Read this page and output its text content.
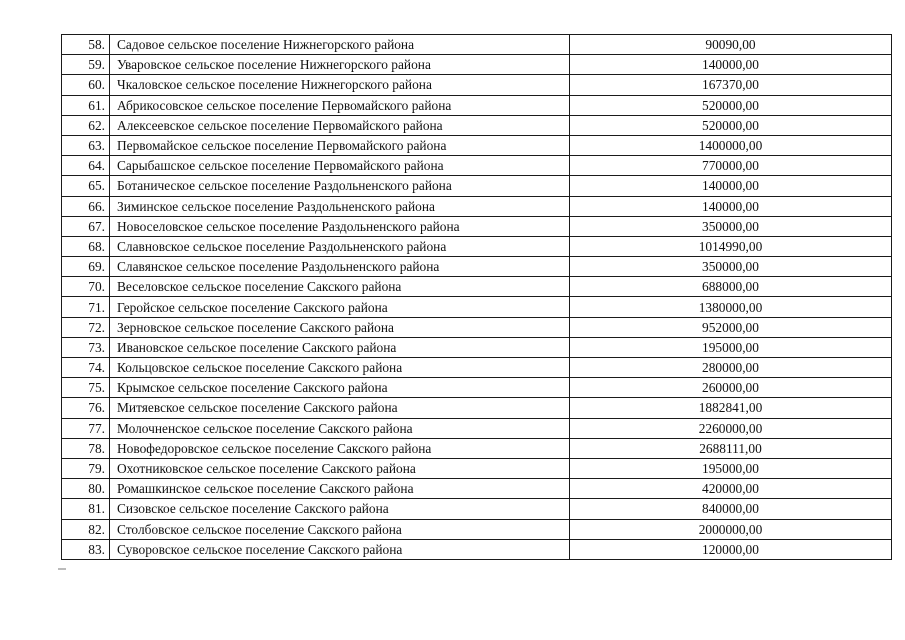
58.	Садовое сельское поселение Нижнегорского района	90090,00
59.	Уваровское сельское поселение Нижнегорского района	140000,00
60.	Чкаловское сельское поселение Нижнегорского района	167370,00
61.	Абрикосовское сельское поселение Первомайского района	520000,00
62.	Алексеевское сельское поселение Первомайского района	520000,00
63.	Первомайское сельское поселение Первомайского района	1400000,00
64.	Сарыбашское сельское поселение Первомайского района	770000,00
65.	Ботаническое сельское поселение Раздольненского района	140000,00
66.	Зиминское сельское поселение Раздольненского района	140000,00
67.	Новоселовское сельское поселение Раздольненского района	350000,00
68.	Славновское сельское поселение Раздольненского района	1014990,00
69.	Славянское сельское поселение Раздольненского района	350000,00
70.	Веселовское сельское поселение Сакского района	688000,00
71.	Геройское сельское поселение Сакского района	1380000,00
72.	Зерновское сельское поселение Сакского района	952000,00
73.	Ивановское сельское поселение Сакского района	195000,00
74.	Кольцовское сельское поселение Сакского района	280000,00
75.	Крымское сельское поселение Сакского района	260000,00
76.	Митяевское сельское поселение Сакского района	1882841,00
77.	Молочненское сельское поселение Сакского района	2260000,00
78.	Новофедоровское сельское поселение Сакского района	2688111,00
79.	Охотниковское сельское поселение Сакского района	195000,00
80.	Ромашкинское сельское поселение Сакского района	420000,00
81.	Сизовское сельское поселение Сакского района	840000,00
82.	Столбовское сельское поселение Сакского района	2000000,00
83.	Суворовское сельское поселение Сакского района	120000,00
